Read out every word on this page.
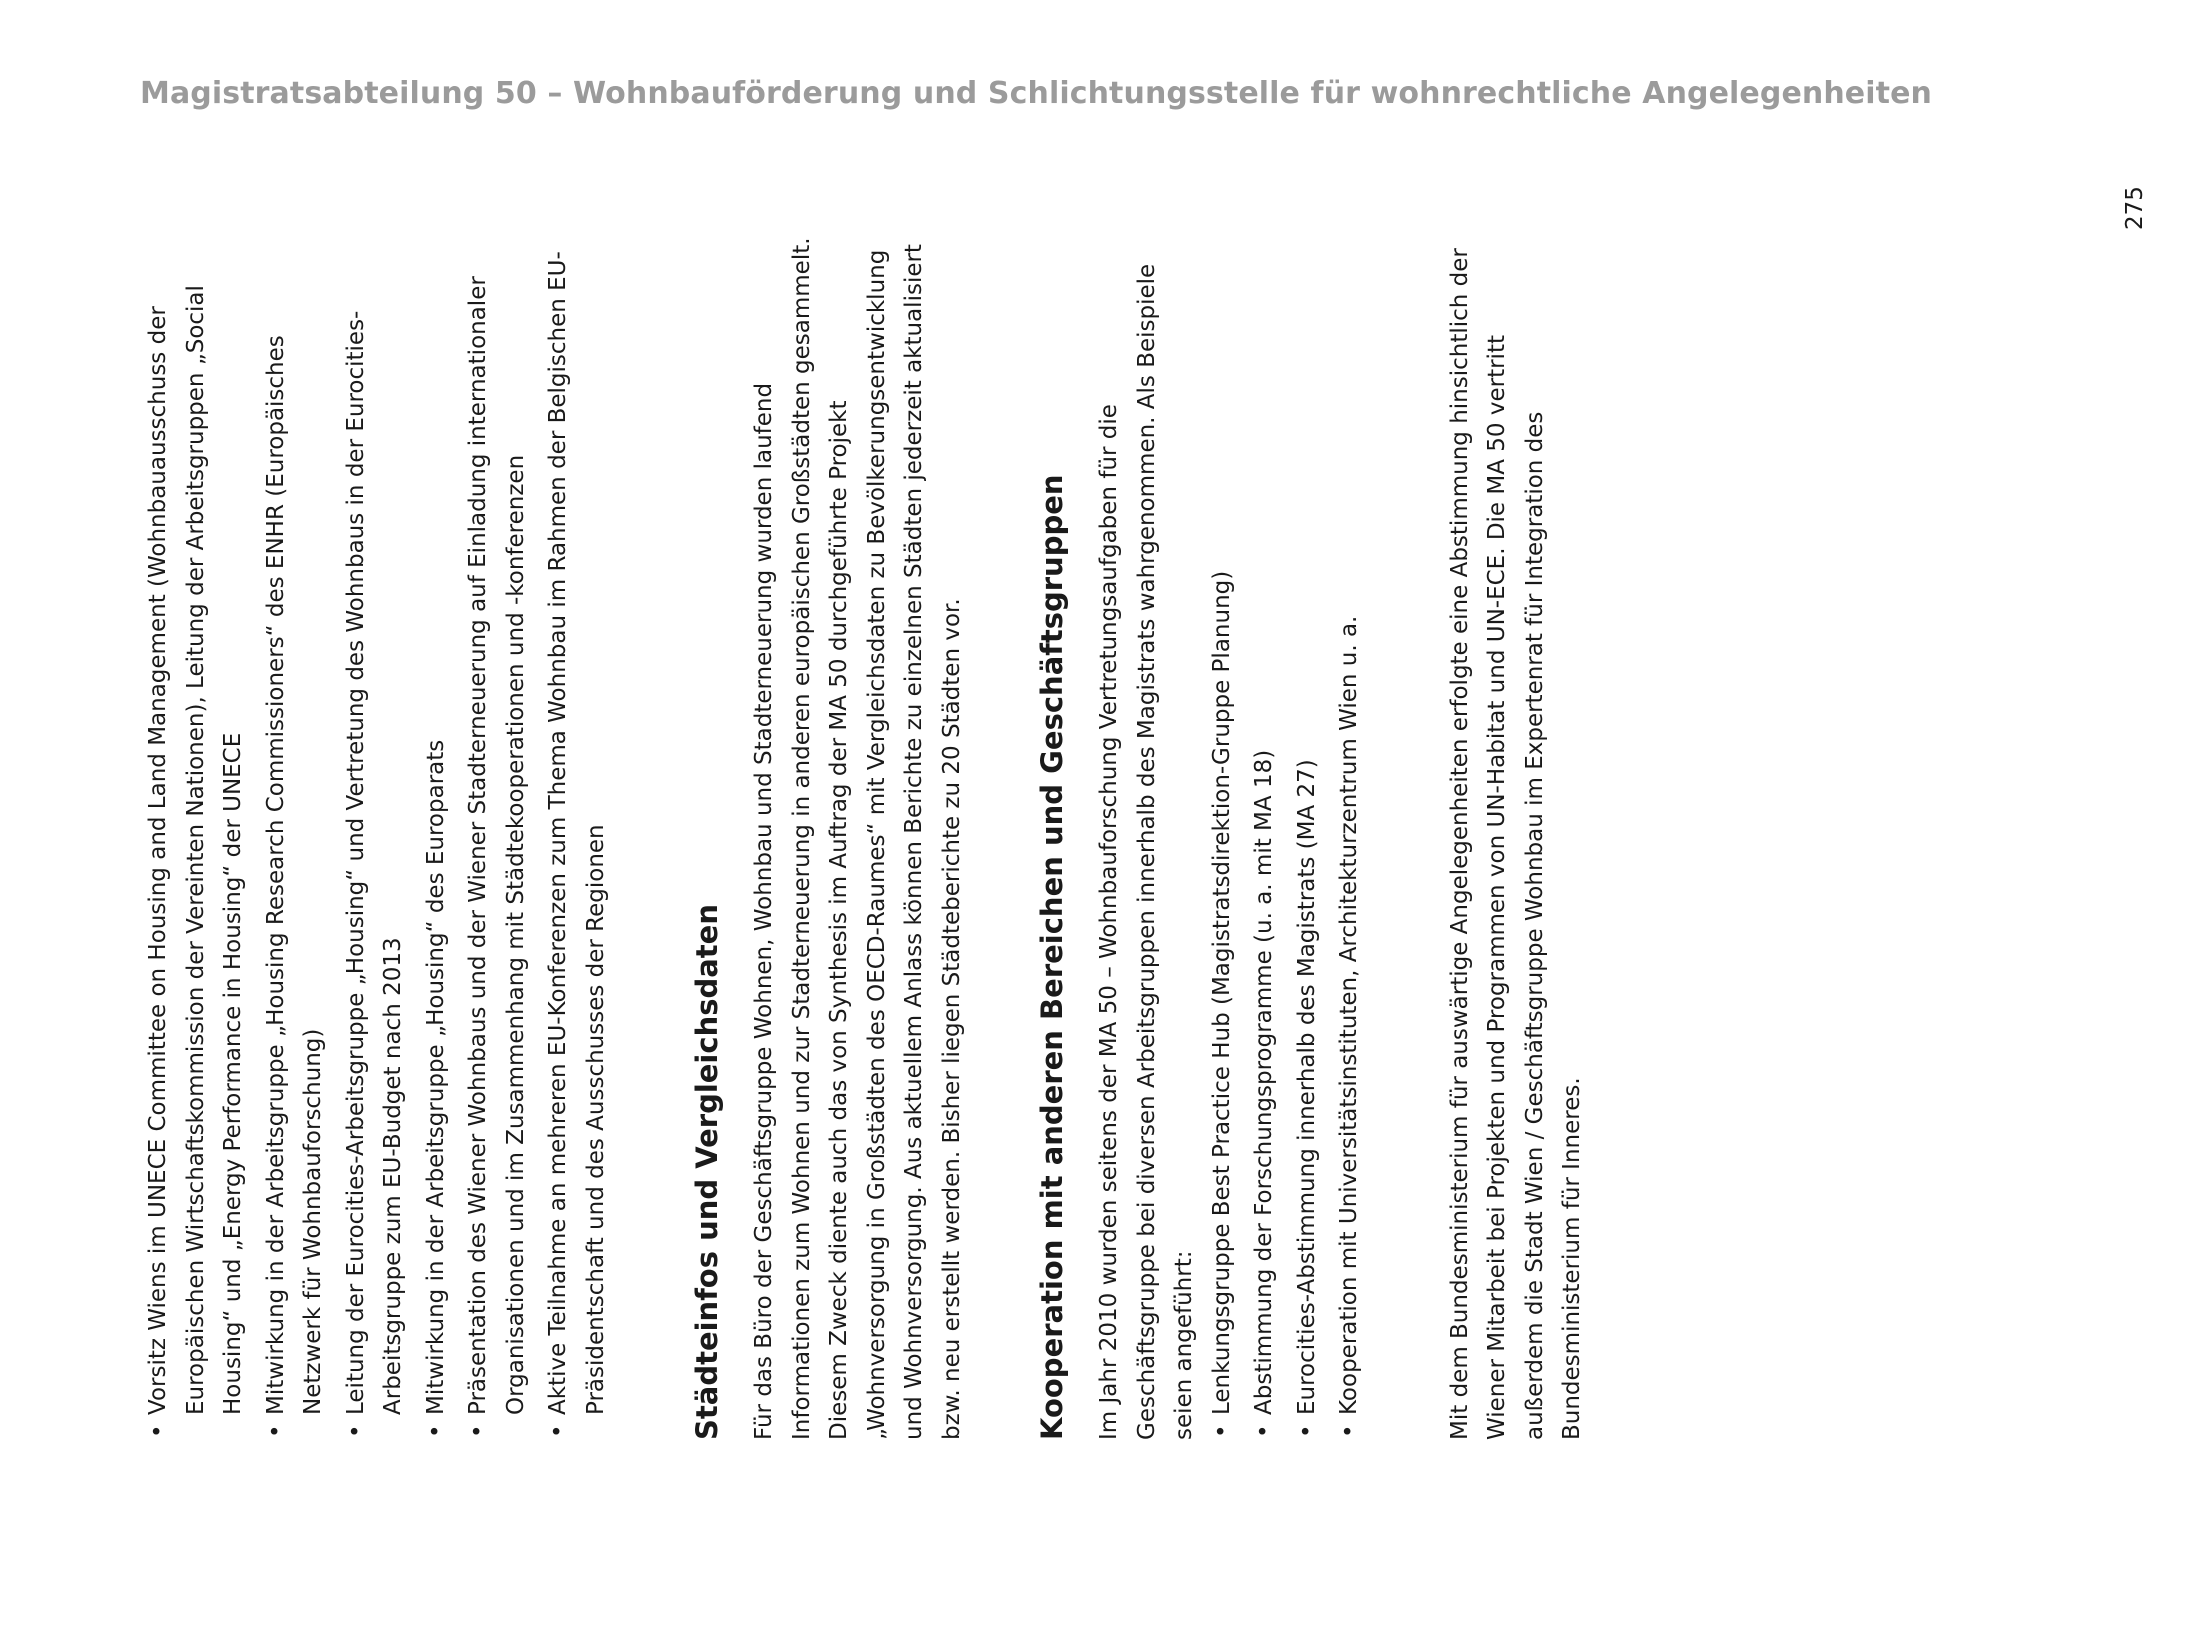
Magistratsabteilung 50 – Wohnbauförderung und Schlichtungsstelle für wohnrechtliche Angelegenheiten
275
• Vorsitz Wiens im UNECE Committee on Housing and Land Management (Wohnbauausschuss der Europäischen Wirtschaftskommission der Vereinten Nationen), Leitung der Arbeitsgruppen „Social Housing“ und „Energy Performance in Housing“ der UNECE • Mitwirkung in der Arbeitsgruppe „Housing Research Commissioners“ des ENHR (Europäisches Netzwerk für Wohnbauforschung) • Leitung der Eurocities-Arbeitsgruppe „Housing“ und Vertretung des Wohnbaus in der Eurocities-Arbeitsgruppe zum EU-Budget nach 2013 • Mitwirkung in der Arbeitsgruppe „Housing“ des Europarats • Präsentation des Wiener Wohnbaus und der Wiener Stadterneuerung auf Einladung internationaler Organisationen und im Zusammenhang mit Städtekooperationen und -konferenzen • Aktive Teilnahme an mehreren EU-Konferenzen zum Thema Wohnbau im Rahmen der Belgischen EU-Präsidentschaft und des Ausschusses der Regionen	Städteinfos und Vergleichsdaten Für das Büro der Geschäftsgruppe Wohnen, Wohnbau und Stadterneuerung wurden laufend Informationen zum Wohnen und zur Stadterneuerung in anderen europäischen Großstädten gesammelt. Diesem Zweck diente auch das von Synthesis im Auftrag der MA 50 durchgeführte Projekt „Wohnversorgung in Großstädten des OECD-Raumes“ mit Vergleichsdaten zu Bevölkerungsentwicklung und Wohnversorgung. Aus aktuellem Anlass können Berichte zu einzelnen Städten jederzeit aktualisiert bzw. neu erstellt werden. Bisher liegen Städteberichte zu 20 Städten vor. Kooperation mit anderen Bereichen und Geschäftsgruppen Im Jahr 2010 wurden seitens der MA 50 – Wohnbauforschung Vertretungsaufgaben für die Geschäftsgruppe bei diversen Arbeitsgruppen innerhalb des Magistrats wahrgenommen. Als Beispiele seien angeführt: • Lenkungsgruppe Best Practice Hub (Magistratsdirektion-Gruppe Planung) • Abstimmung der Forschungsprogramme (u. a. mit MA 18) • Eurocities-Abstimmung innerhalb des Magistrats (MA 27) • Kooperation mit Universitätsinstituten, Architekturzentrum Wien u. a.	Mit dem Bundesministerium für auswärtige Angelegenheiten erfolgte eine Abstimmung hinsichtlich der Wiener Mitarbeit bei Projekten und Programmen von UN-Habitat und UN-ECE. Die MA 50 vertritt außerdem die Stadt Wien / Geschäftsgruppe Wohnbau im Expertenrat für Integration des Bundesministerium für Inneres.
